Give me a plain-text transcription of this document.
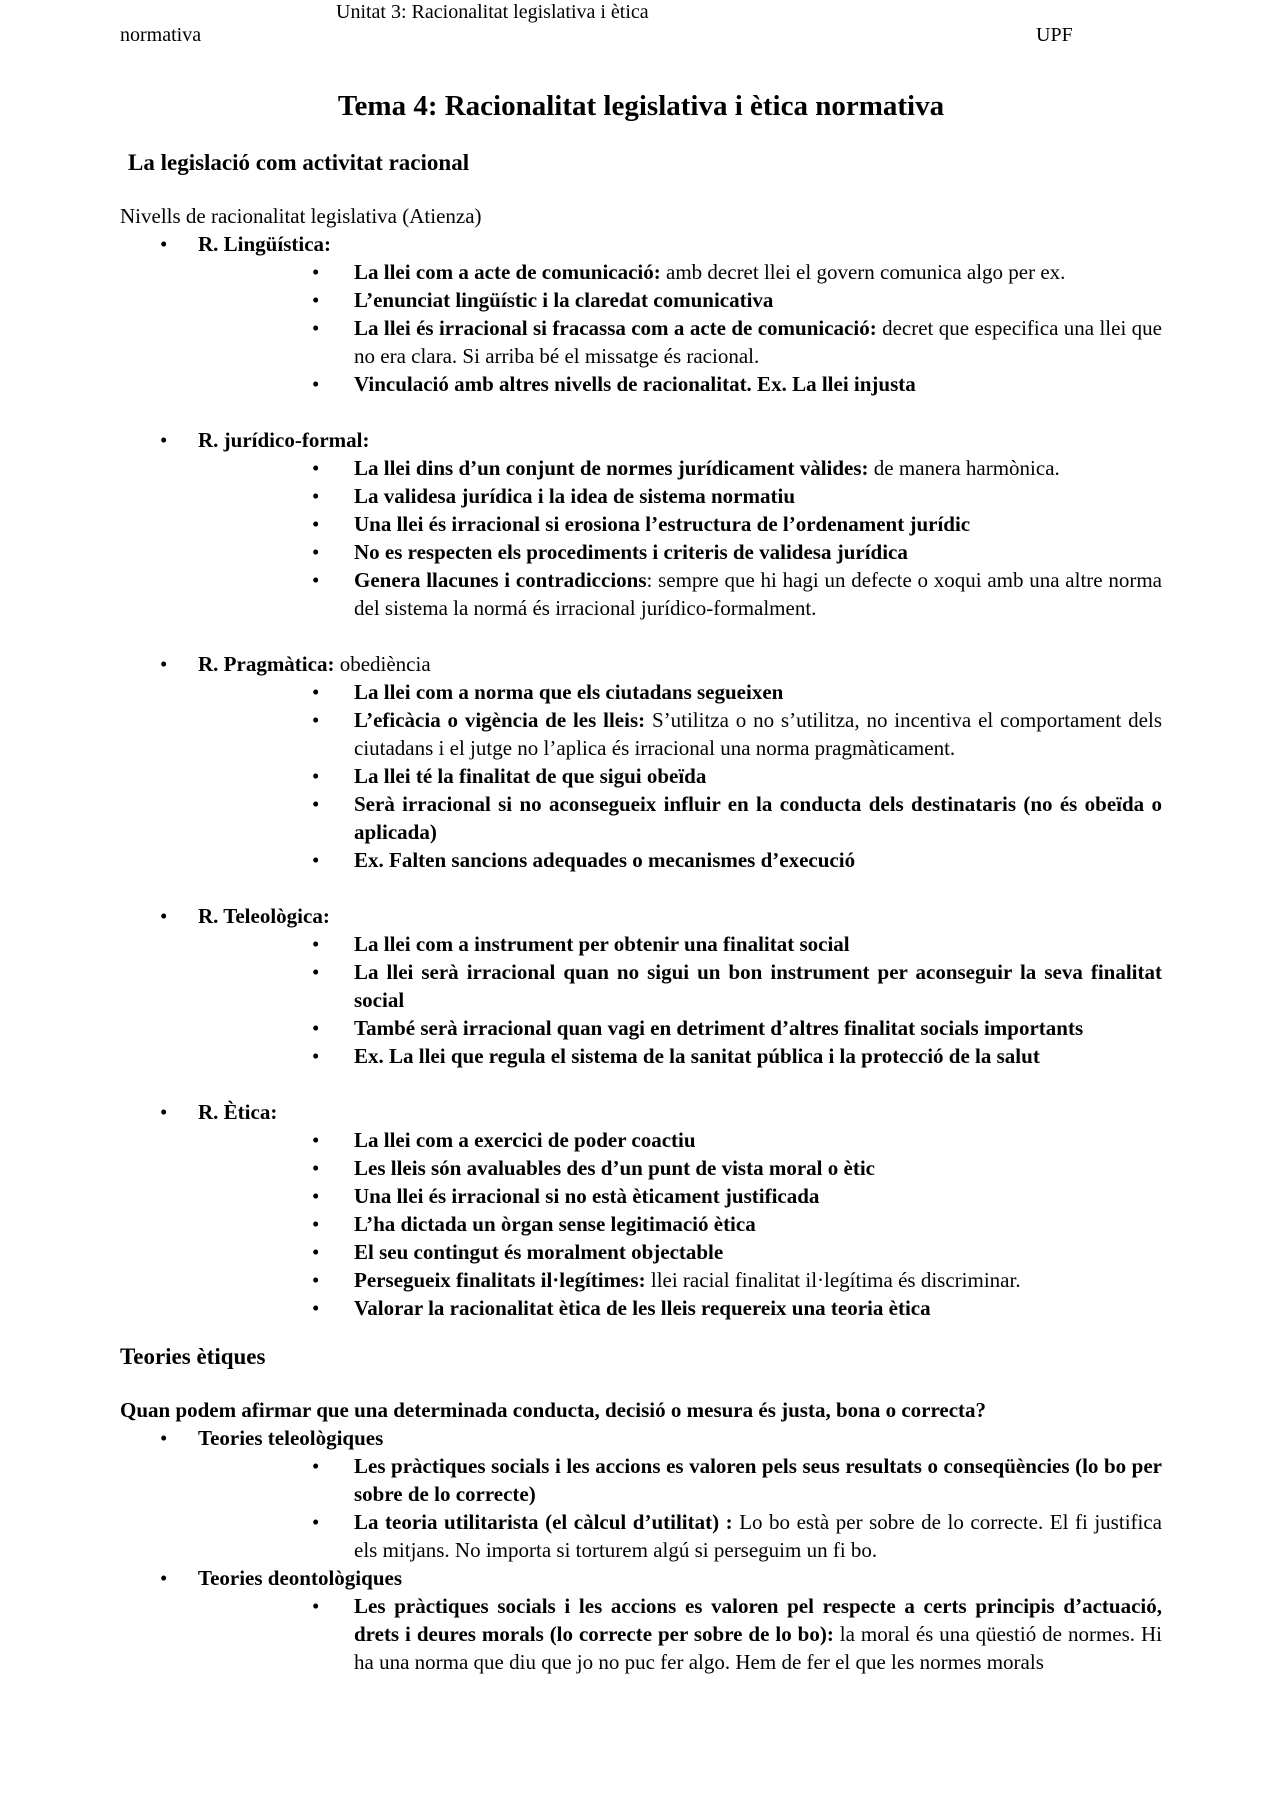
Unitat 3: Racionalitat legislativa i ètica
normativa	UPF
Tema 4: Racionalitat legislativa i ètica normativa
La legislació com activitat racional

Nivells de racionalitat legislativa (Atienza)

• R. Lingüística:
• La llei com a acte de comunicació: amb decret llei el govern comunica algo per ex.
• L’enunciat lingüístic i la claredat comunicativa
• La llei és irracional si fracassa com a acte de comunicació: decret que especifica una llei que no era clara. Si arriba bé el missatge és racional.
• Vinculació amb altres nivells de racionalitat. Ex. La llei injusta
• R. jurídico-formal:
• La llei dins d’un conjunt de normes jurídicament vàlides: de manera harmònica.
• La validesa jurídica i la idea de sistema normatiu
• Una llei és irracional si erosiona l’estructura de l’ordenament jurídic
• No es respecten els procediments i criteris de validesa jurídica
• Genera llacunes i contradiccions: sempre que hi hagi un defecte o xoqui amb una altre norma del sistema la normá és irracional jurídico-formalment.
• R. Pragmàtica: obediència
• La llei com a norma que els ciutadans segueixen
• L’eficàcia o vigència de les lleis: S’utilitza o no s’utilitza, no incentiva el comportament dels ciutadans i el jutge no l’aplica és irracional una norma pragmàticament.
• La llei té la finalitat de que sigui obeïda
• Serà irracional si no aconsegueix influir en la conducta dels destinataris (no és obeïda o aplicada)
• Ex. Falten sancions adequades o mecanismes d’execució
• R. Teleològica:
• La llei com a instrument per obtenir una finalitat social
• La llei serà irracional quan no sigui un bon instrument per aconseguir la seva finalitat social
• També serà irracional quan vagi en detriment d’altres finalitat socials importants
• Ex. La llei que regula el sistema de la sanitat pública i la protecció de la salut
• R. Ètica:
• La llei com a exercici de poder coactiu
• Les lleis són avaluables des d’un punt de vista moral o ètic
• Una llei és irracional si no està èticament justificada
• L’ha dictada un òrgan sense legitimació ètica
• El seu contingut és moralment objectable
• Persegueix finalitats il·legítimes: llei racial finalitat il·legítima és discriminar.
• Valorar la racionalitat ètica de les lleis requereix una teoria ètica
Teories ètiques

Quan podem afirmar que una determinada conducta, decisió o mesura és justa, bona o correcta?

• Teories teleològiques
• Les pràctiques socials i les accions es valoren pels seus resultats o conseqüències (lo bo per sobre de lo correcte)
• La teoria utilitarista (el càlcul d’utilitat) : Lo bo està per sobre de lo correcte. El fi justifica els mitjans. No importa si torturem algú si perseguim un fi bo.
• Teories deontològiques
• Les pràctiques socials i les accions es valoren pel respecte a certs principis d’actuació, drets i deures morals (lo correcte per sobre de lo bo): la moral és una qüestió de normes. Hi ha una norma que diu que jo no puc fer algo. Hem de fer el que les normes morals
